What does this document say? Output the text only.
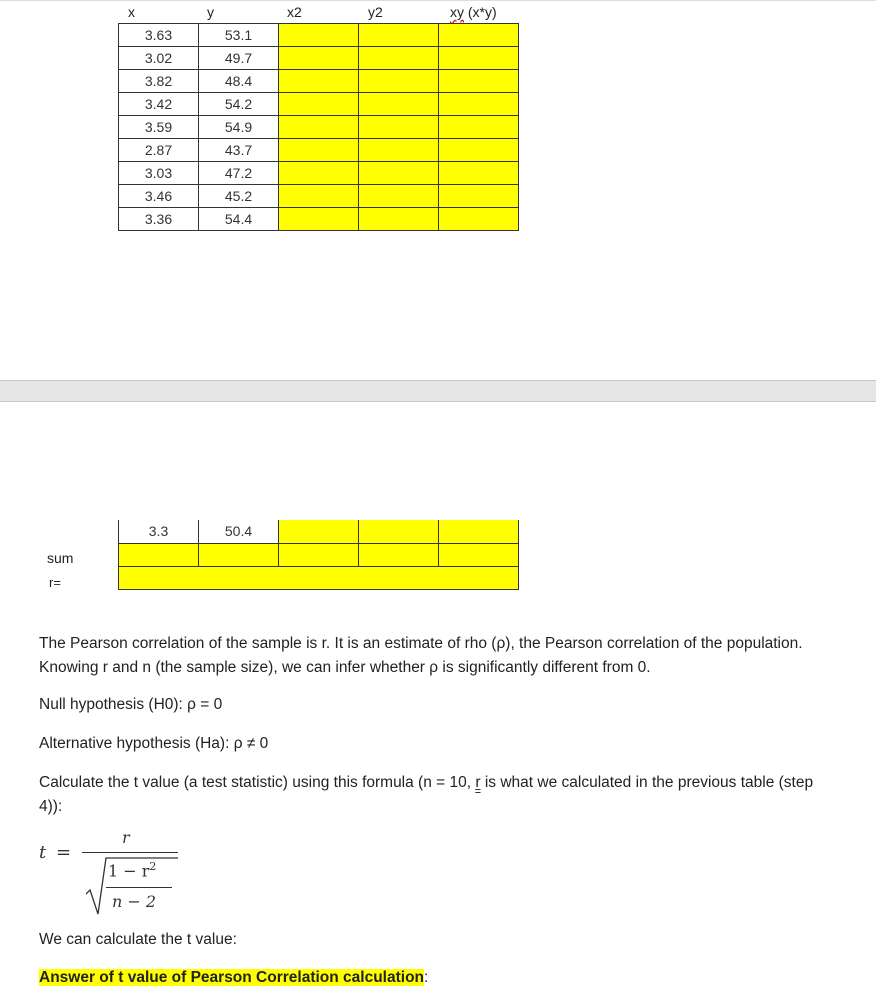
x	y	x2	y2	xy (x*y)
3.63	53.1			
3.02	49.7			
3.82	48.4			
3.42	54.2			
3.59	54.9			
2.87	43.7			
3.03	47.2			
3.46	45.2			
3.36	54.4			
3.3	50.4			

sum
r=

The Pearson correlation of the sample is r. It is an estimate of rho (ρ), the Pearson correlation of the population. Knowing r and n (the sample size), we can infer whether ρ is significantly different from 0.

Null hypothesis (H0): ρ = 0

Alternative hypothesis (Ha): ρ ≠ 0

Calculate the t value (a test statistic) using this formula (n = 10, r is what we calculated in the previous table (step 4)):

t =
r
$1 - r^2$
n − 2

We can calculate the t value:

Answer of t value of Pearson Correlation calculation:
